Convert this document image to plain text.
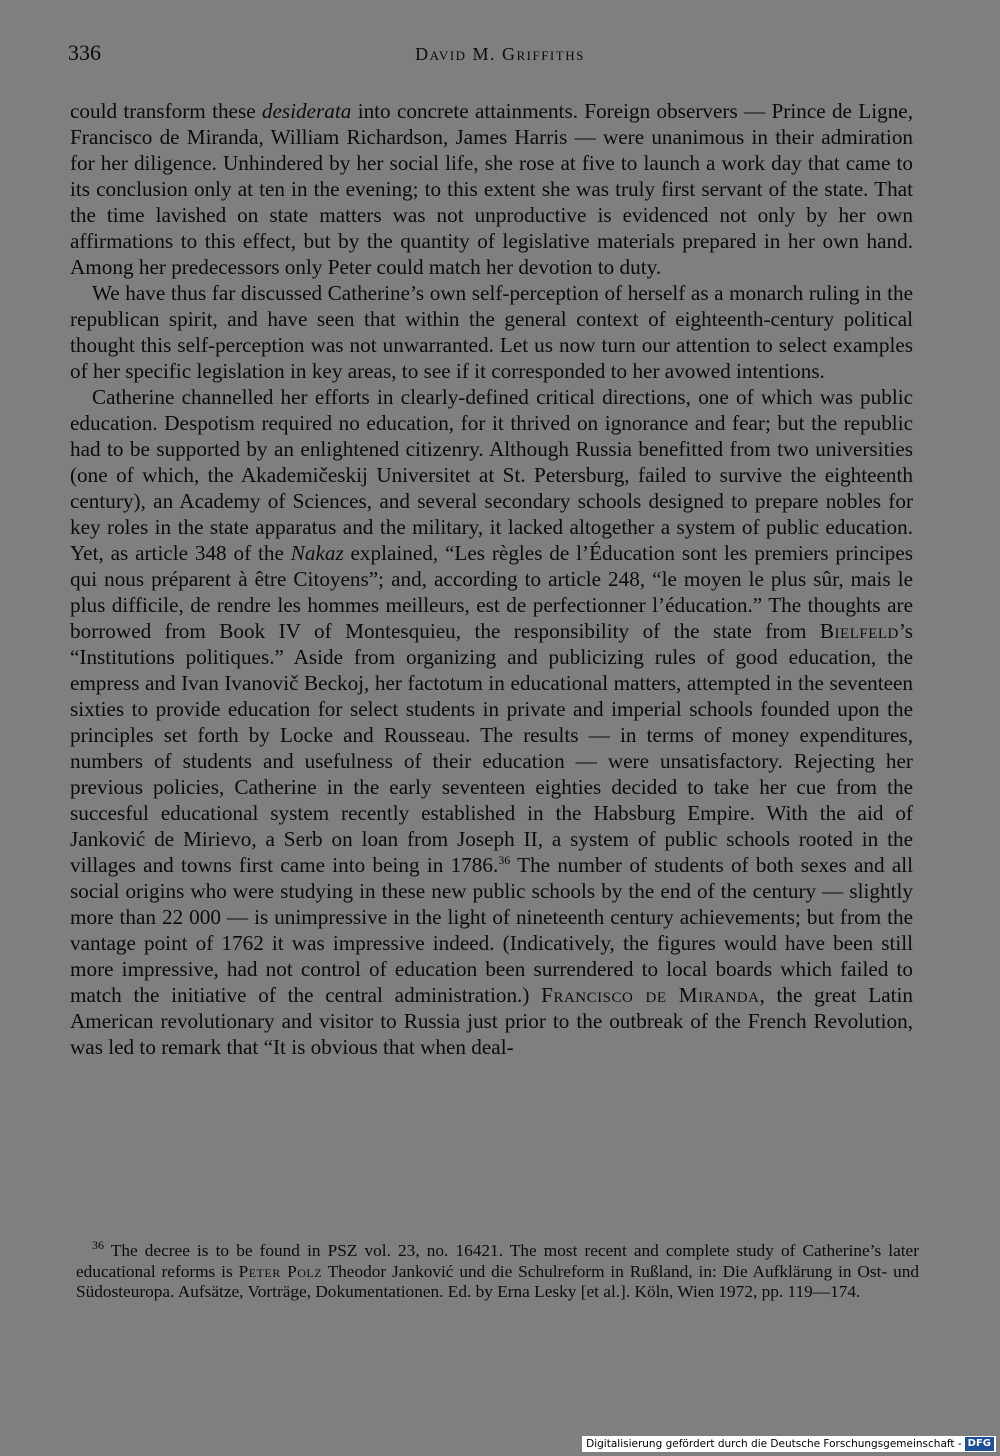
336	David M. Griffiths

could transform these desiderata into concrete attainments. Foreign observers — Prince de Ligne, Francisco de Miranda, William Richardson, James Harris — were unanimous in their admiration for her diligence. Unhindered by her social life, she rose at five to launch a work day that came to its conclusion only at ten in the evening; to this extent she was truly first servant of the state. That the time lavished on state matters was not unproductive is evidenced not only by her own affirmations to this effect, but by the quantity of legislative materials prepared in her own hand. Among her predecessors only Peter could match her devotion to duty.

We have thus far discussed Catherine’s own self-perception of herself as a monarch ruling in the republican spirit, and have seen that within the general context of eighteenth-century political thought this self-perception was not unwarranted. Let us now turn our attention to select examples of her specific legislation in key areas, to see if it corresponded to her avowed intentions.

Catherine channelled her efforts in clearly-defined critical directions, one of which was public education. Despotism required no education, for it thrived on ignorance and fear; but the republic had to be supported by an enlightened citizenry. Although Russia benefitted from two universities (one of which, the Akademičeskij Universitet at St. Petersburg, failed to survive the eighteenth century), an Academy of Sciences, and several secondary schools designed to prepare nobles for key roles in the state apparatus and the military, it lacked altogether a system of public education. Yet, as article 348 of the Nakaz explained, “Les règles de l’Éducation sont les premiers principes qui nous préparent à être Citoyens”; and, according to article 248, “le moyen le plus sûr, mais le plus difficile, de rendre les hommes meilleurs, est de perfectionner l’éducation.” The thoughts are borrowed from Book IV of Montesquieu, the responsibility of the state from Bielfeld’s “Institutions politiques.” Aside from organizing and publicizing rules of good education, the empress and Ivan Ivanovič Beckoj, her factotum in educational matters, attempted in the seventeen sixties to provide education for select students in private and imperial schools founded upon the principles set forth by Locke and Rousseau. The results — in terms of money expenditures, numbers of students and usefulness of their education — were unsatisfactory. Rejecting her previous policies, Catherine in the early seventeen eighties decided to take her cue from the succesful educational system recently established in the Habsburg Empire. With the aid of Janković de Mirievo, a Serb on loan from Joseph II, a system of public schools rooted in the villages and towns first came into being in 1786.36 The number of students of both sexes and all social origins who were studying in these new public schools by the end of the century — slightly more than 22 000 — is unimpressive in the light of nineteenth century achievements; but from the vantage point of 1762 it was impressive indeed. (Indicatively, the figures would have been still more impressive, had not control of education been surrendered to local boards which failed to match the initiative of the central administration.) Francisco de Miranda, the great Latin American revolutionary and visitor to Russia just prior to the outbreak of the French Revolution, was led to remark that “It is obvious that when deal-

$^{36}$ The decree is to be found in PSZ vol. 23, no. 16421. The most recent and complete study of Catherine’s later educational reforms is Peter Polz Theodor Janković und die Schulreform in Rußland, in: Die Aufklärung in Ost- und Südosteuropa. Aufsätze, Vorträge, Dokumentationen. Ed. by Erna Lesky [et al.]. Köln, Wien 1972, pp. 119—174.

Digitalisierung gefördert durch die Deutsche Forschungsgemeinschaft - DFG
